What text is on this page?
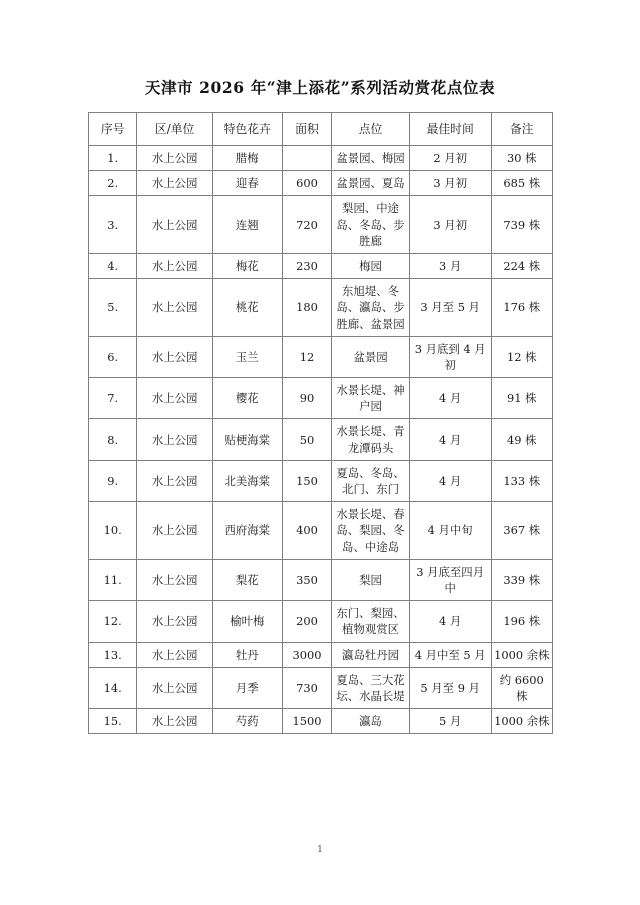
天津市 2026 年“津上添花”系列活动赏花点位表
序号	区/单位	特色花卉	面积	点位	最佳时间	备注
1.	水上公园	腊梅		盆景园、梅园	2 月初	30 株
2.	水上公园	迎春	600	盆景园、夏岛	3 月初	685 株
3.	水上公园	连翘	720	梨园、中途岛、冬岛、步胜廊	3 月初	739 株
4.	水上公园	梅花	230	梅园	3 月	224 株
5.	水上公园	桃花	180	东旭堤、冬岛、瀛岛、步胜廊、盆景园	3 月至 5 月	176 株
6.	水上公园	玉兰	12	盆景园	3 月底到 4 月初	12 株
7.	水上公园	樱花	90	水景长堤、神户园	4 月	91 株
8.	水上公园	贴梗海棠	50	水景长堤、青龙潭码头	4 月	49 株
9.	水上公园	北美海棠	150	夏岛、冬岛、北门、东门	4 月	133 株
10.	水上公园	西府海棠	400	水景长堤、春岛、梨园、冬岛、中途岛	4 月中旬	367 株
11.	水上公园	梨花	350	梨园	3 月底至四月中	339 株
12.	水上公园	榆叶梅	200	东门、梨园、植物观赏区	4 月	196 株
13.	水上公园	牡丹	3000	瀛岛牡丹园	4 月中至 5 月	1000 余株
14.	水上公园	月季	730	夏岛、三大花坛、水晶长堤	5 月至 9 月	约 6600 株
15.	水上公园	芍药	1500	瀛岛	5 月	1000 余株
1
